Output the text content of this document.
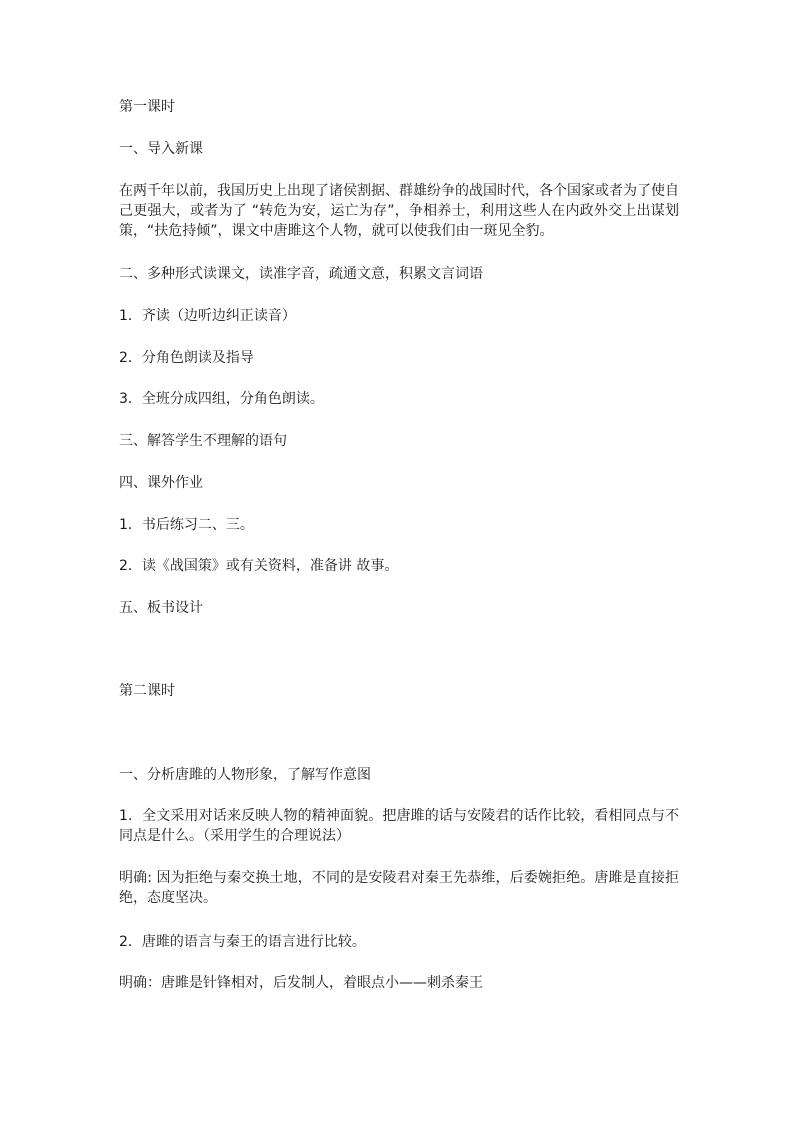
第一课时
一、导入新课
在两千年以前，我国历史上出现了诸侯割据、群雄纷争的战国时代，各个国家或者为了使自己更强大，或者为了 “转危为安，运亡为存”，争相养士，利用这些人在内政外交上出谋划策，“扶危持倾”，课文中唐雎这个人物，就可以使我们由一斑见全豹。
二、多种形式读课文，读准字音，疏通文意，积累文言词语
1．齐读（边听边纠正读音）
2．分角色朗读及指导
3．全班分成四组，分角色朗读。
三、解答学生不理解的语句
四、课外作业
1．书后练习二、三。
2．读《战国策》或有关资料，准备讲 故事。
五、板书设计
第二课时
一、分析唐雎的人物形象，了解写作意图
1．全文采用对话来反映人物的精神面貌。把唐雎的话与安陵君的话作比较，看相同点与不同点是什么。（采用学生的合理说法）
明确: 因为拒绝与秦交换土地，不同的是安陵君对秦王先恭维，后委婉拒绝。唐雎是直接拒绝，态度坚决。
2．唐雎的语言与秦王的语言进行比较。
明确：唐雎是针锋相对，后发制人，着眼点小——刺杀秦王
